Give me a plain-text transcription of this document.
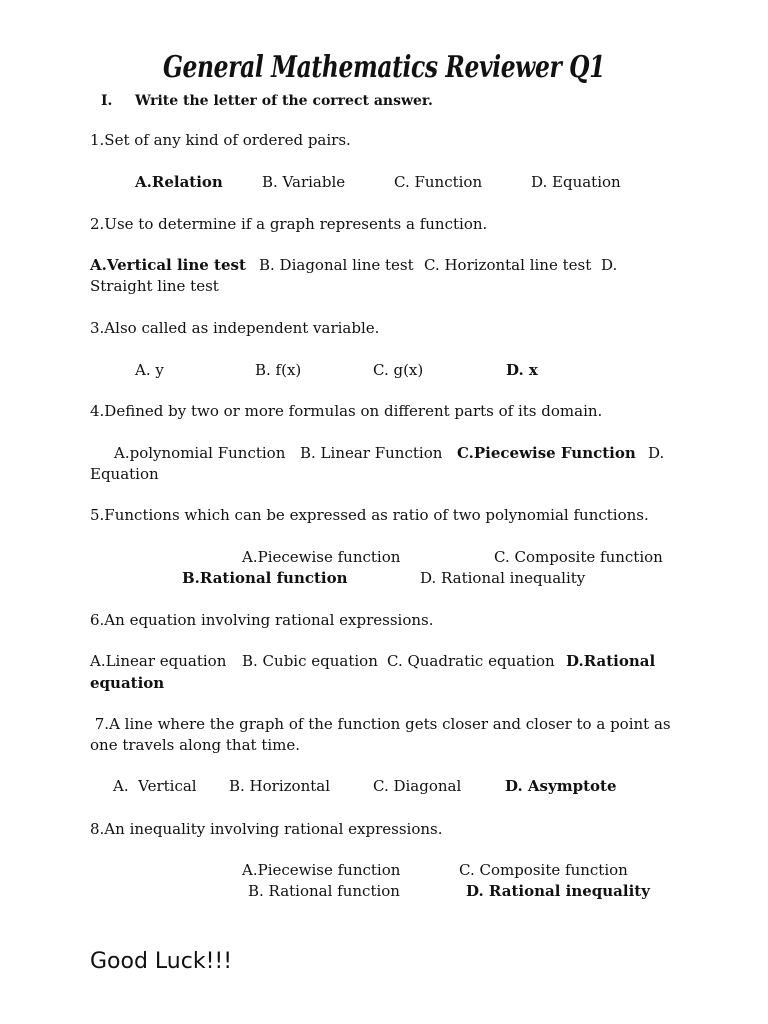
General Mathematics Reviewer Q1
I. Write the letter of the correct answer.
1.Set of any kind of ordered pairs.
A.Relation	B. Variable	C. Function	D. Equation
2.Use to determine if a graph represents a function.
A.Vertical line test B. Diagonal line test C. Horizontal line test D.
Straight line test
3.Also called as independent variable.
A. y	B. f(x)	C. g(x)	D. x
4.Defined by two or more formulas on different parts of its domain.
A.polynomial Function B. Linear Function C.Piecewise Function D.
Equation
5.Functions which can be expressed as ratio of two polynomial functions.
A.Piecewise function	C. Composite function
B.Rational function	D. Rational inequality
6.An equation involving rational expressions.
A.Linear equation B. Cubic equation C. Quadratic equation D.Rational
equation
7.A line where the graph of the function gets closer and closer to a point as
one travels along that time.
A.  Vertical B. Horizontal	C. Diagonal	D. Asymptote
8.An inequality involving rational expressions.
A.Piecewise function	C. Composite function
B. Rational function	D. Rational inequality
Good Luck!!!
